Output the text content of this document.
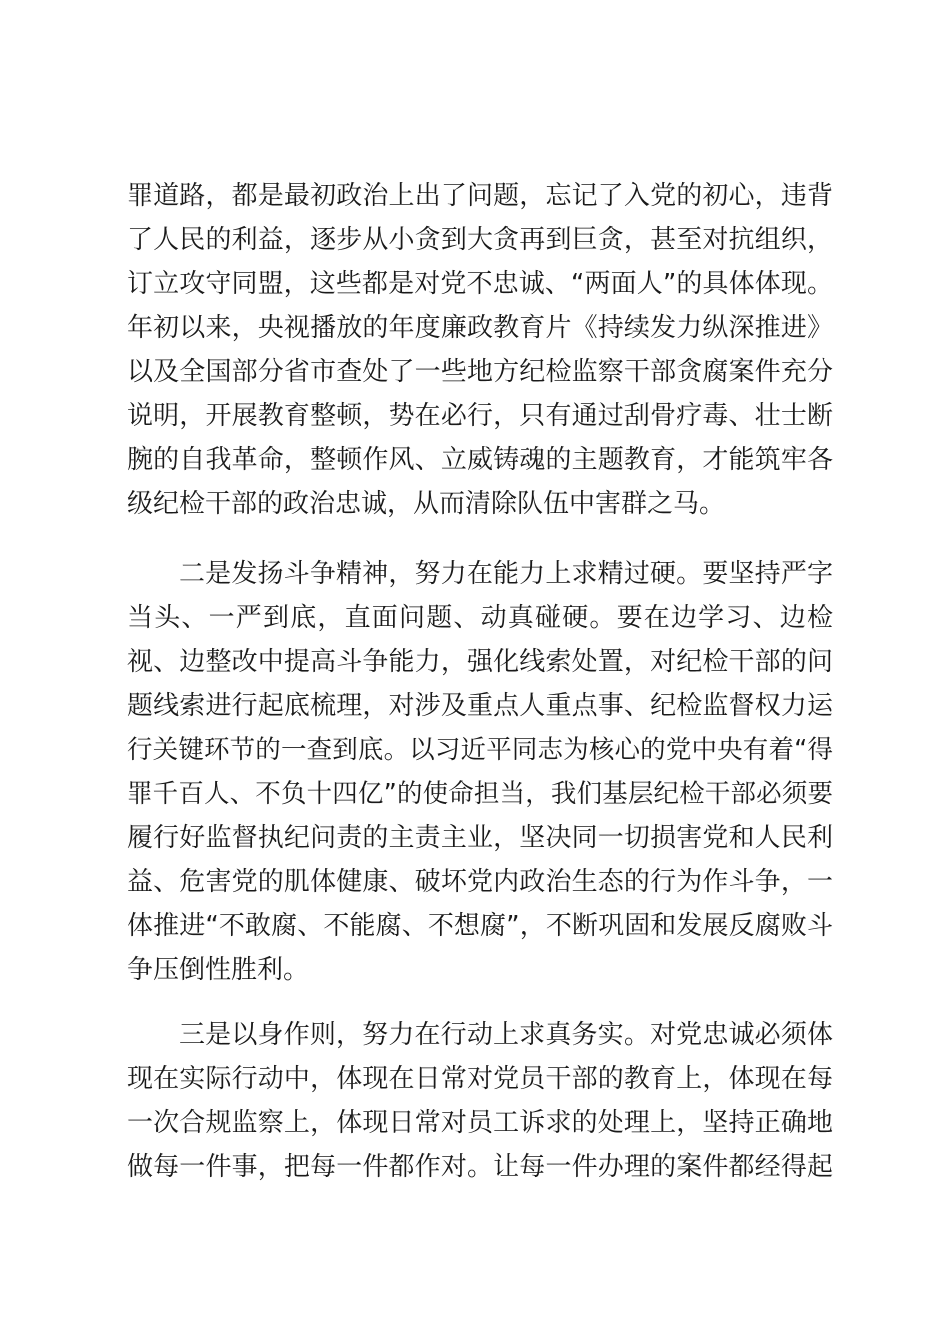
罪道路，都是最初政治上出了问题，忘记了入党的初心，违背
了人民的利益，逐步从小贪到大贪再到巨贪，甚至对抗组织，
订立攻守同盟，这些都是对党不忠诚、“两面人”的具体体现。
年初以来，央视播放的年度廉政教育片《持续发力纵深推进》
以及全国部分省市查处了一些地方纪检监察干部贪腐案件充分
说明，开展教育整顿，势在必行，只有通过刮骨疗毒、壮士断
腕的自我革命，整顿作风、立威铸魂的主题教育，才能筑牢各
级纪检干部的政治忠诚，从而清除队伍中害群之马。
二是发扬斗争精神，努力在能力上求精过硬。要坚持严字
当头、一严到底，直面问题、动真碰硬。要在边学习、边检
视、边整改中提高斗争能力，强化线索处置，对纪检干部的问
题线索进行起底梳理，对涉及重点人重点事、纪检监督权力运
行关键环节的一查到底。以习近平同志为核心的党中央有着“得
罪千百人、不负十四亿”的使命担当，我们基层纪检干部必须要
履行好监督执纪问责的主责主业，坚决同一切损害党和人民利
益、危害党的肌体健康、破坏党内政治生态的行为作斗争，一
体推进“不敢腐、不能腐、不想腐”，不断巩固和发展反腐败斗
争压倒性胜利。
三是以身作则，努力在行动上求真务实。对党忠诚必须体
现在实际行动中，体现在日常对党员干部的教育上，体现在每
一次合规监察上，体现日常对员工诉求的处理上，坚持正确地
做每一件事，把每一件都作对。让每一件办理的案件都经得起
